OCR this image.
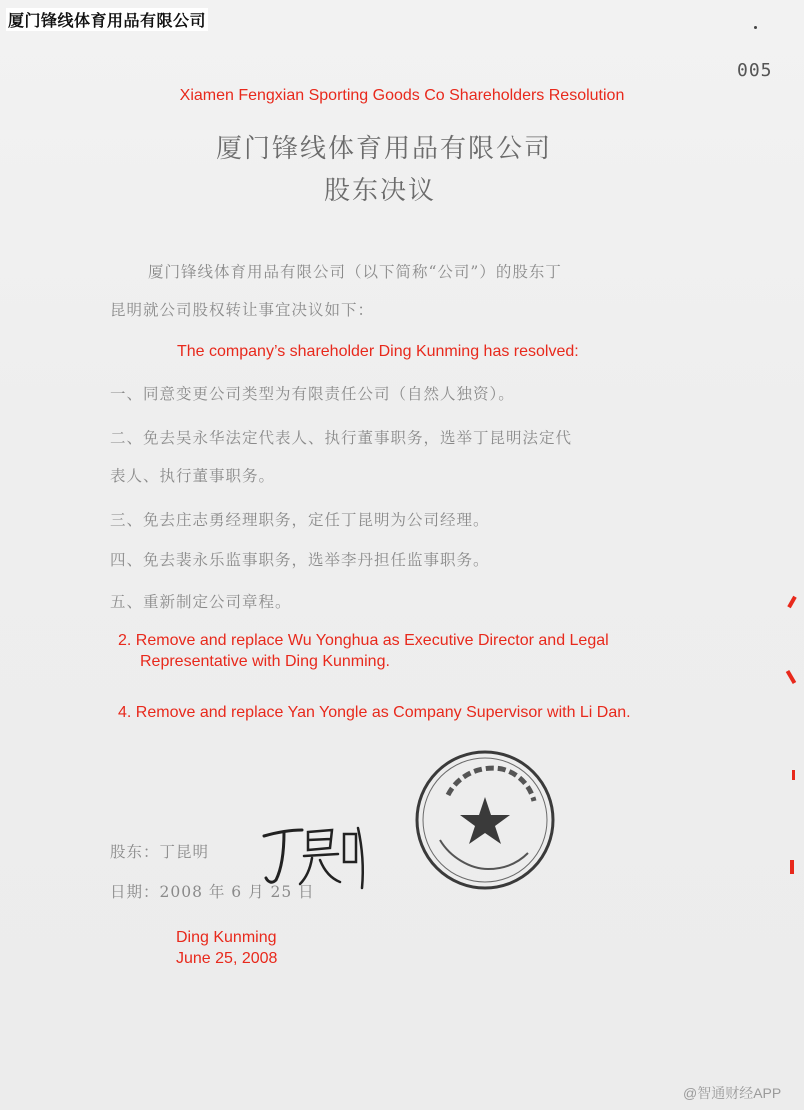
厦门锋线体育用品有限公司
005
Xiamen Fengxian Sporting Goods Co Shareholders Resolution
厦门锋线体育用品有限公司
股东决议
厦门锋线体育用品有限公司（以下简称“公司”）的股东丁
昆明就公司股权转让事宜决议如下：
The company’s shareholder Ding Kunming has resolved:
一、同意变更公司类型为有限责任公司（自然人独资）。
二、免去吴永华法定代表人、执行董事职务，选举丁昆明法定代
表人、执行董事职务。
三、免去庄志勇经理职务，定任丁昆明为公司经理。
四、免去裴永乐监事职务，选举李丹担任监事职务。
五、重新制定公司章程。
2. Remove and replace Wu Yonghua as Executive Director and Legal
Representative with Ding Kunming.
4. Remove and replace Yan Yongle as Company Supervisor with Li Dan.
股东：丁昆明
日期：2008 年 6 月 25 日
Ding Kunming
June 25, 2008
@智通财经APP
